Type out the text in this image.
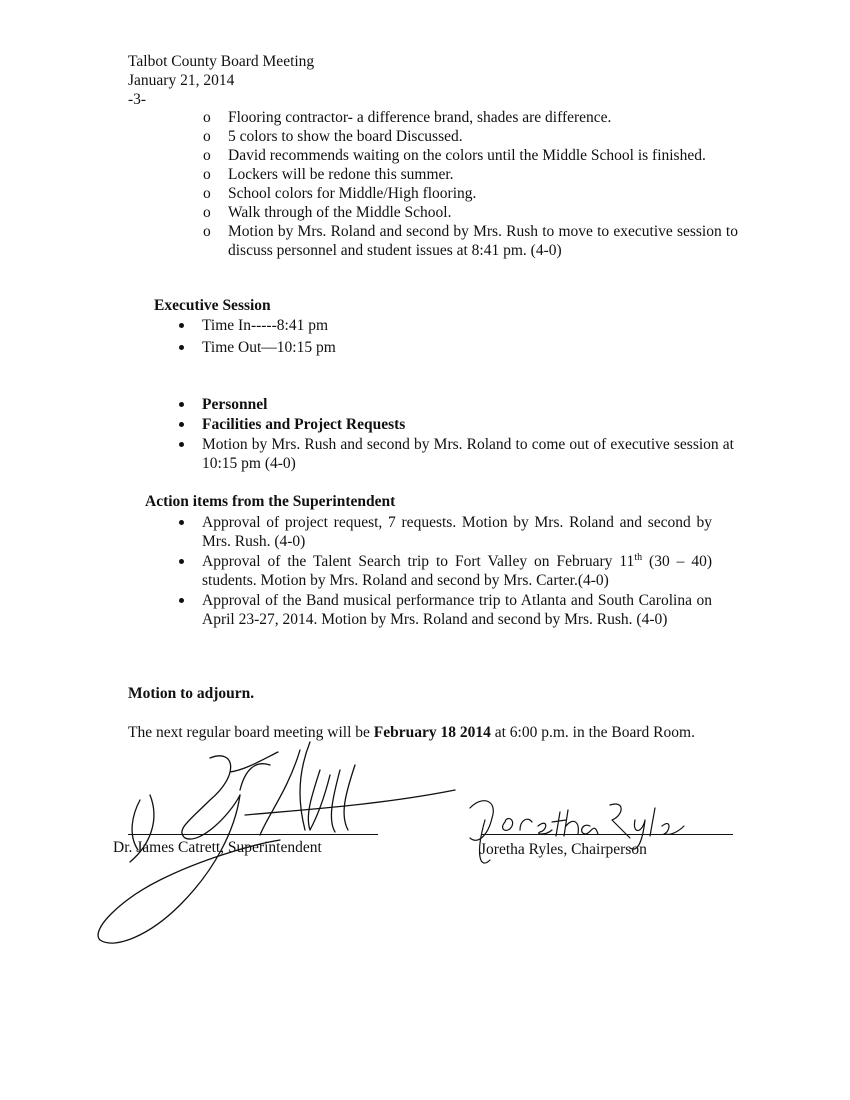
Talbot County Board Meeting
January 21, 2014
-3-
o Flooring contractor- a difference brand, shades are difference.
o 5 colors to show the board Discussed.
o David recommends waiting on the colors until the Middle School is finished.
o Lockers will be redone this summer.
o School colors for Middle/High flooring.
o Walk through of the Middle School.
o Motion by Mrs. Roland and second by Mrs. Rush to move to executive session to discuss personnel and student issues at 8:41 pm. (4-0)
Executive Session
Time In-----8:41 pm
Time Out—10:15 pm
Personnel
Facilities and Project Requests
Motion by Mrs. Rush and second by Mrs. Roland to come out of executive session at 10:15 pm (4-0)
Action items from the Superintendent
Approval of project request, 7 requests. Motion by Mrs. Roland and second by Mrs. Rush. (4-0)
Approval of the Talent Search trip to Fort Valley on February 11th (30 – 40) students. Motion by Mrs. Roland and second by Mrs. Carter.(4-0)
Approval of the Band musical performance trip to Atlanta and South Carolina on April 23-27, 2014. Motion by Mrs. Roland and second by Mrs. Rush. (4-0)
Motion to adjourn.
The next regular board meeting will be February 18 2014 at 6:00 p.m. in the Board Room.
Dr. James Catrett, Superintendent	Joretha Ryles, Chairperson
